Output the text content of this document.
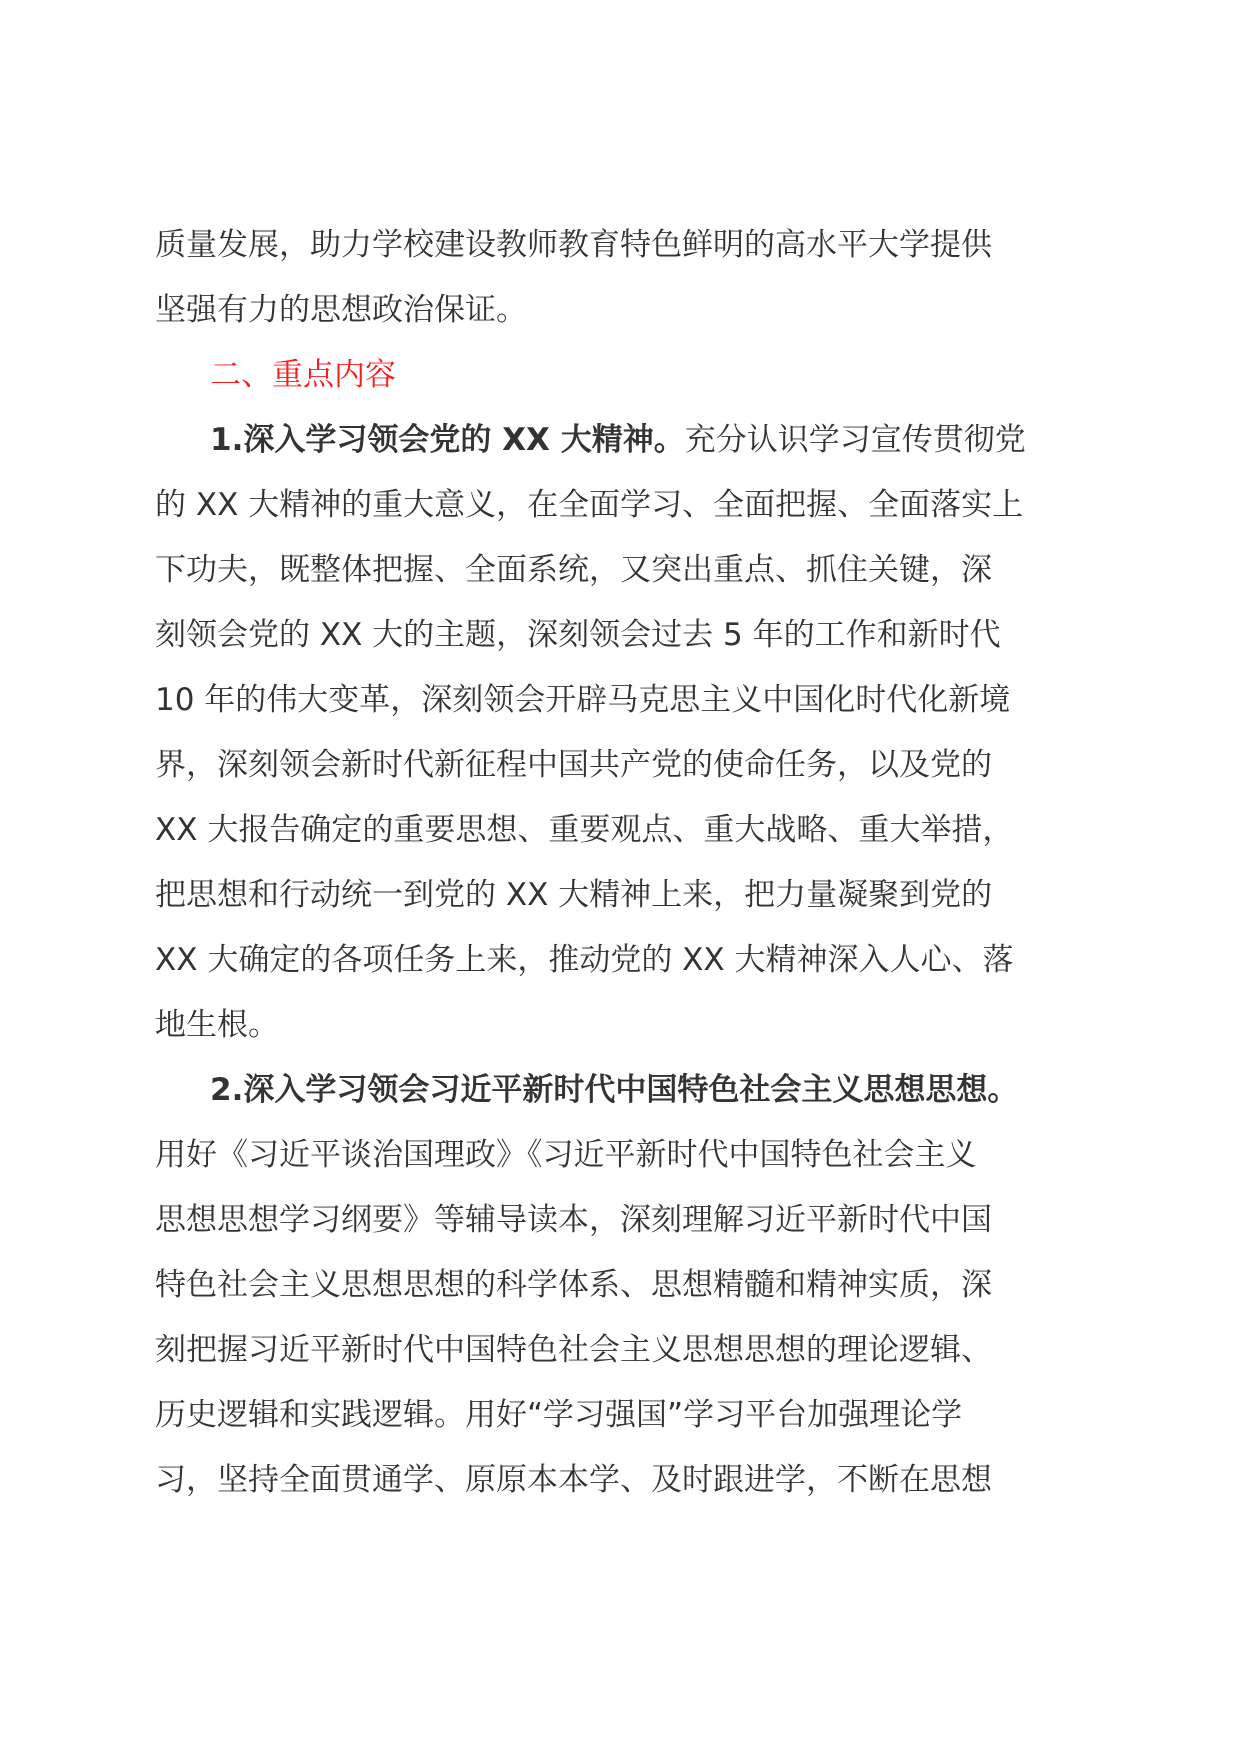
质量发展，助力学校建设教师教育特色鲜明的高水平大学提供
坚强有力的思想政治保证。
二、重点内容
1.深入学习领会党的 XX 大精神。充分认识学习宣传贯彻党
的 XX 大精神的重大意义，在全面学习、全面把握、全面落实上
下功夫，既整体把握、全面系统，又突出重点、抓住关键，深
刻领会党的 XX 大的主题，深刻领会过去 5 年的工作和新时代
10 年的伟大变革，深刻领会开辟马克思主义中国化时代化新境
界，深刻领会新时代新征程中国共产党的使命任务，以及党的
XX 大报告确定的重要思想、重要观点、重大战略、重大举措，
把思想和行动统一到党的 XX 大精神上来，把力量凝聚到党的
XX 大确定的各项任务上来，推动党的 XX 大精神深入人心、落
地生根。
2.深入学习领会习近平新时代中国特色社会主义思想思想。
用好《习近平谈治国理政》《习近平新时代中国特色社会主义
思想思想学习纲要》等辅导读本，深刻理解习近平新时代中国
特色社会主义思想思想的科学体系、思想精髓和精神实质，深
刻把握习近平新时代中国特色社会主义思想思想的理论逻辑、
历史逻辑和实践逻辑。用好“学习强国”学习平台加强理论学
习，坚持全面贯通学、原原本本学、及时跟进学，不断在思想
